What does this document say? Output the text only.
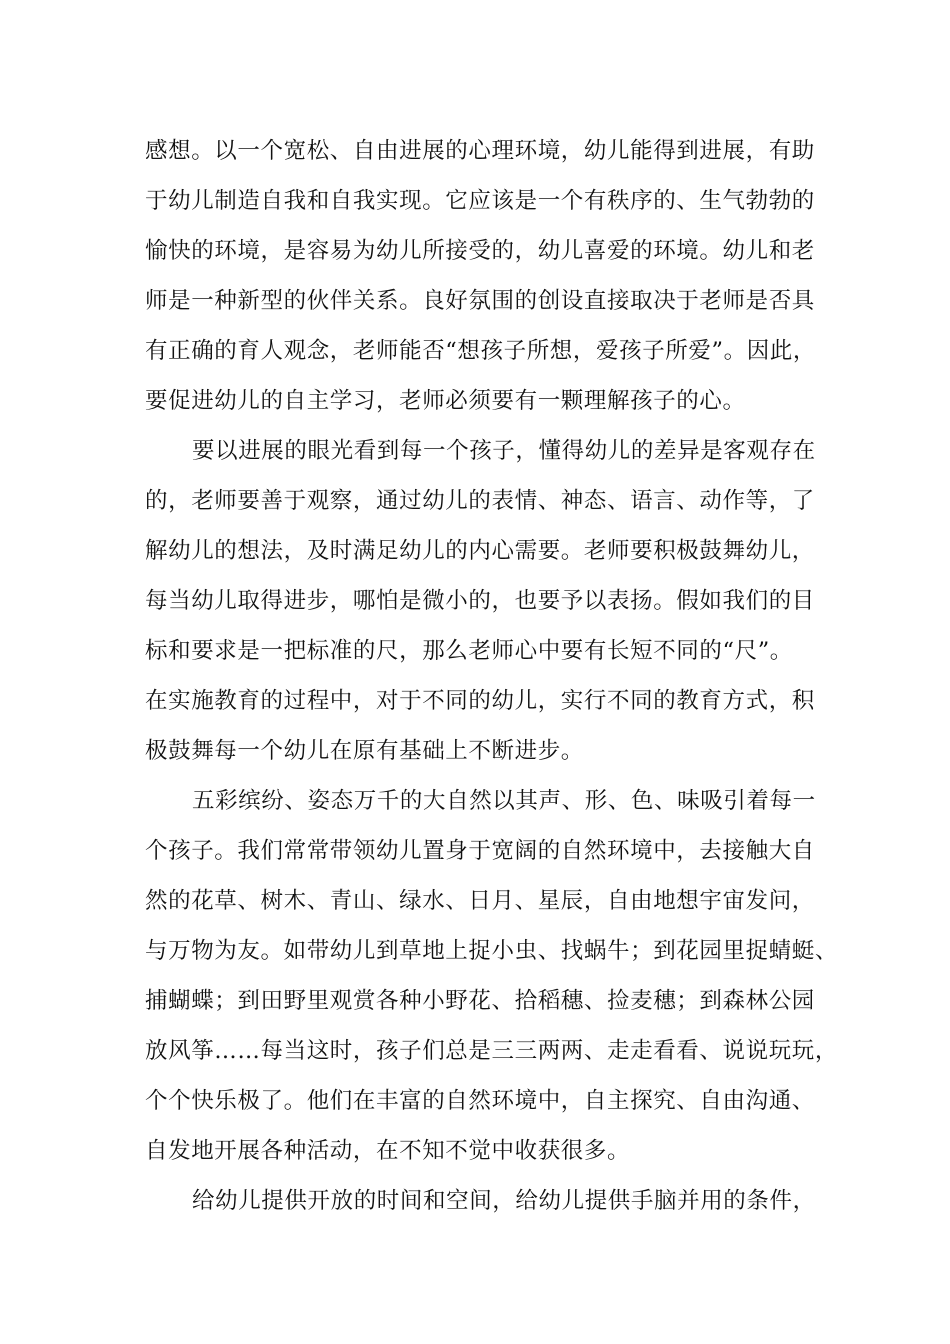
感想。以一个宽松、自由进展的心理环境，幼儿能得到进展，有助
于幼儿制造自我和自我实现。它应该是一个有秩序的、生气勃勃的
愉快的环境，是容易为幼儿所接受的，幼儿喜爱的环境。幼儿和老
师是一种新型的伙伴关系。良好氛围的创设直接取决于老师是否具
有正确的育人观念，老师能否“想孩子所想，爱孩子所爱”。因此，
要促进幼儿的自主学习，老师必须要有一颗理解孩子的心。
要以进展的眼光看到每一个孩子，懂得幼儿的差异是客观存在
的，老师要善于观察，通过幼儿的表情、神态、语言、动作等，了
解幼儿的想法，及时满足幼儿的内心需要。老师要积极鼓舞幼儿，
每当幼儿取得进步，哪怕是微小的，也要予以表扬。假如我们的目
标和要求是一把标准的尺，那么老师心中要有长短不同的“尺”。
在实施教育的过程中，对于不同的幼儿，实行不同的教育方式，积
极鼓舞每一个幼儿在原有基础上不断进步。
五彩缤纷、姿态万千的大自然以其声、形、色、味吸引着每一
个孩子。我们常常带领幼儿置身于宽阔的自然环境中，去接触大自
然的花草、树木、青山、绿水、日月、星辰，自由地想宇宙发问，
与万物为友。如带幼儿到草地上捉小虫、找蜗牛；到花园里捉蜻蜓、
捕蝴蝶；到田野里观赏各种小野花、拾稻穗、捡麦穗；到森林公园
放风筝……每当这时，孩子们总是三三两两、走走看看、说说玩玩，
个个快乐极了。他们在丰富的自然环境中，自主探究、自由沟通、
自发地开展各种活动，在不知不觉中收获很多。
给幼儿提供开放的时间和空间，给幼儿提供手脑并用的条件，
